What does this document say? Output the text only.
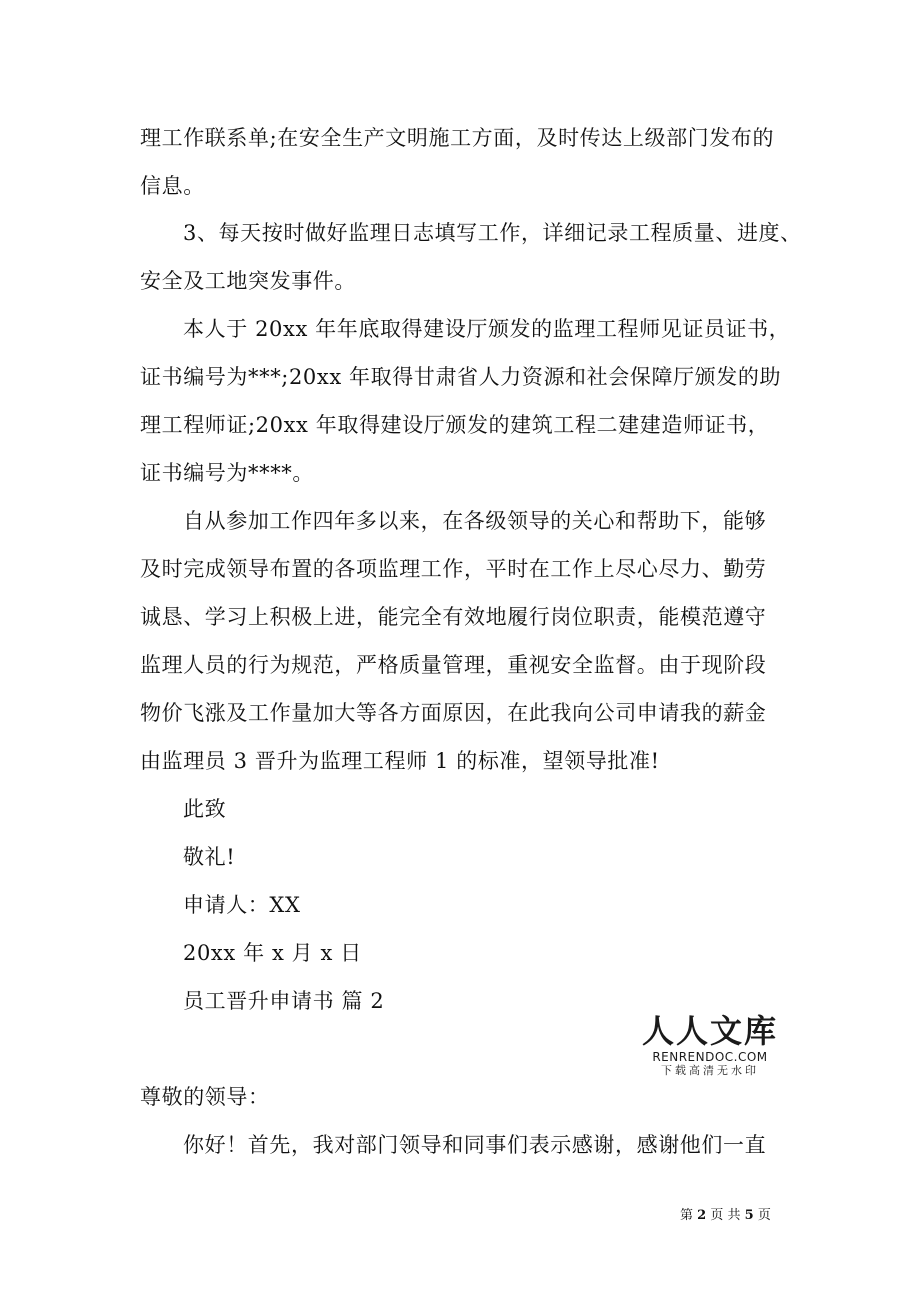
理工作联系单;在安全生产文明施工方面，及时传达上级部门发布的
信息。
3、每天按时做好监理日志填写工作，详细记录工程质量、进度、
安全及工地突发事件。
本人于 20xx 年年底取得建设厅颁发的监理工程师见证员证书，
证书编号为***;20xx 年取得甘肃省人力资源和社会保障厅颁发的助
理工程师证;20xx 年取得建设厅颁发的建筑工程二建建造师证书，
证书编号为****。
自从参加工作四年多以来，在各级领导的关心和帮助下，能够
及时完成领导布置的各项监理工作，平时在工作上尽心尽力、勤劳
诚恳、学习上积极上进，能完全有效地履行岗位职责，能模范遵守
监理人员的行为规范，严格质量管理，重视安全监督。由于现阶段
物价飞涨及工作量加大等各方面原因，在此我向公司申请我的薪金
由监理员 3 晋升为监理工程师 1 的标准，望领导批准!
此致
敬礼!
申请人：XX
20xx 年 x 月 x 日
员工晋升申请书 篇 2
尊敬的领导：
你好！首先，我对部门领导和同事们表示感谢，感谢他们一直
人人文库
RENRENDOC.COM
下载高清无水印
第 2 页 共 5 页
